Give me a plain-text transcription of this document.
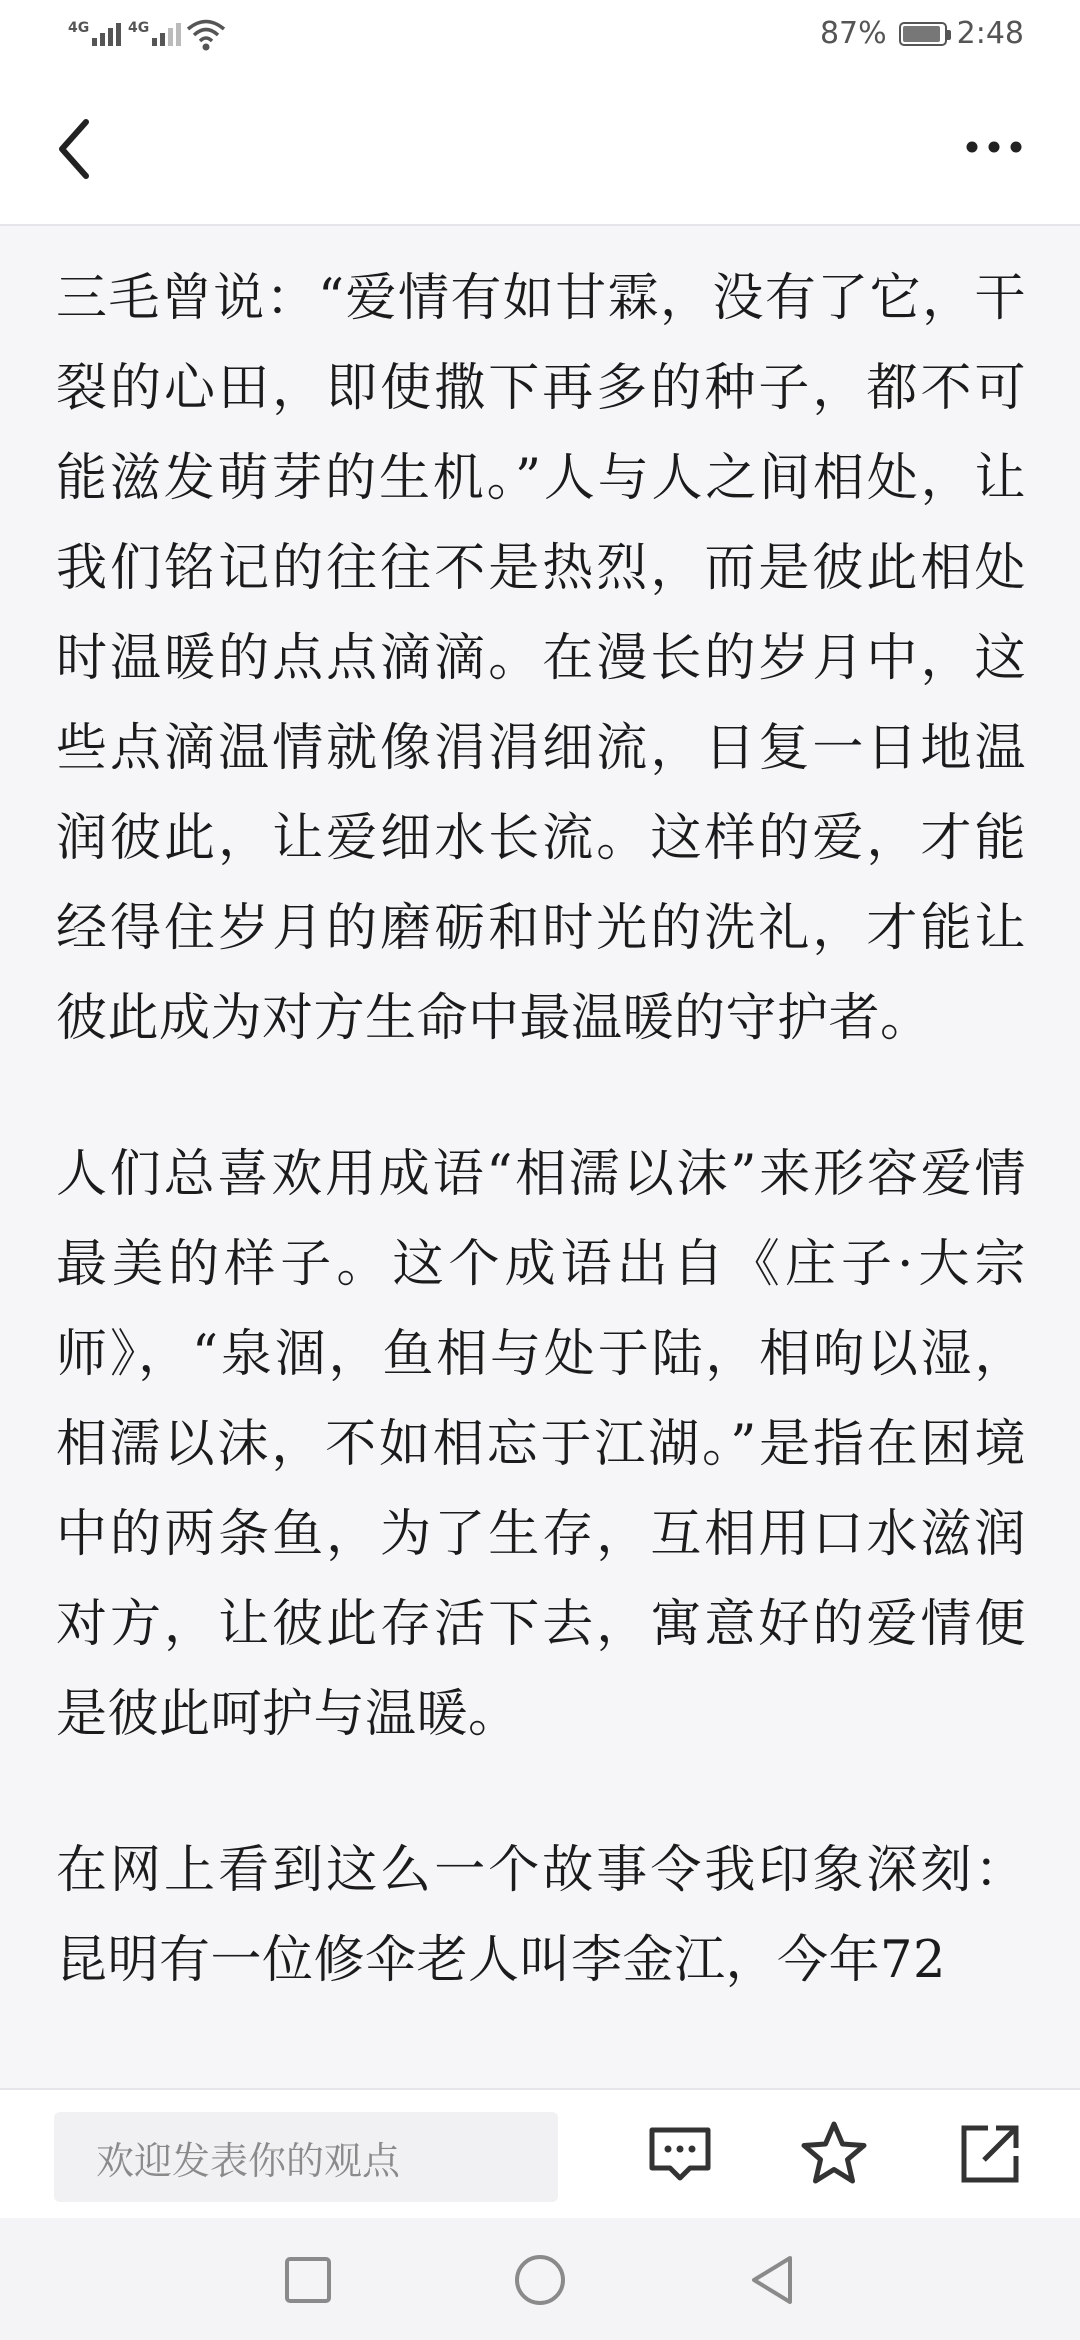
4G	4G	87% 2:48

三毛曾说：“爱情有如甘霖，没有了它，干裂的心田，即使撒下再多的种子，都不可能滋发萌芽的生机。”人与人之间相处，让我们铭记的往往不是热烈，而是彼此相处时温暖的点点滴滴。在漫长的岁月中，这些点滴温情就像涓涓细流，日复一日地温润彼此，让爱细水长流。这样的爱，才能经得住岁月的磨砺和时光的洗礼，才能让彼此成为对方生命中最温暖的守护者。

人们总喜欢用成语“相濡以沫”来形容爱情最美的样子。这个成语出自《庄子·大宗师》，“泉涸，鱼相与处于陆，相呴以湿，相濡以沫，不如相忘于江湖。”是指在困境中的两条鱼，为了生存，互相用口水滋润对方，让彼此存活下去，寓意好的爱情便是彼此呵护与温暖。

在网上看到这么一个故事令我印象深刻：昆明有一位修伞老人叫李金江，今年72

欢迎发表你的观点
